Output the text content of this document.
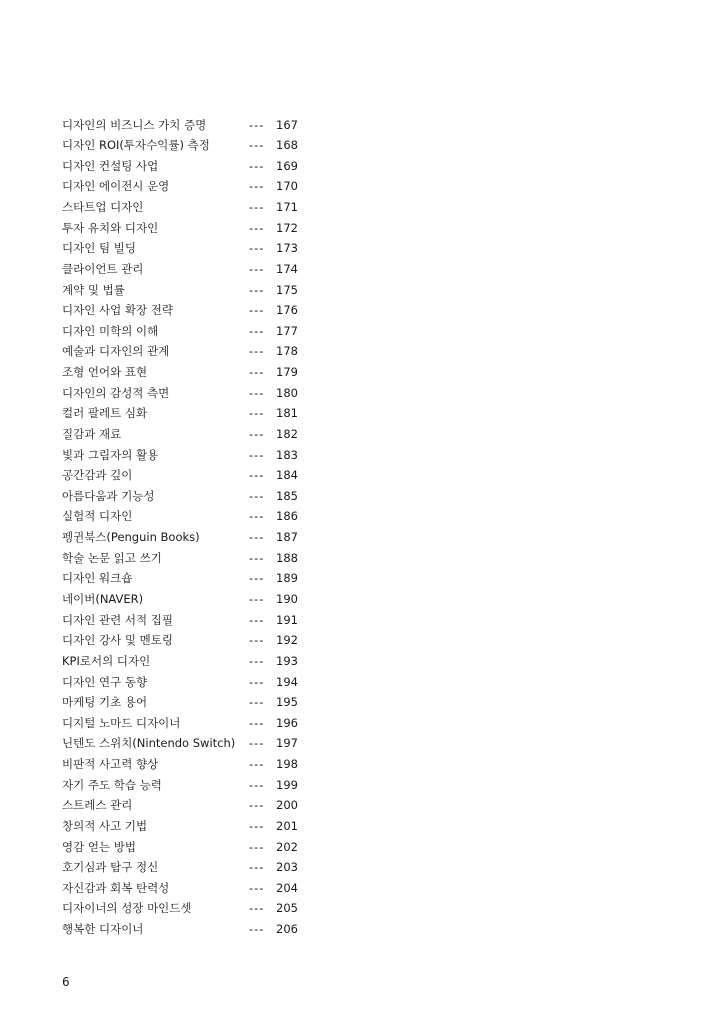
디자인의 비즈니스 가치 증명	--- 167
디자인 ROI(투자수익률) 측정	--- 168
디자인 컨설팅 사업	--- 169
디자인 에이전시 운영	--- 170
스타트업 디자인	--- 171
투자 유치와 디자인	--- 172
디자인 팀 빌딩	--- 173
클라이언트 관리	--- 174
계약 및 법률	--- 175
디자인 사업 확장 전략	--- 176
디자인 미학의 이해	--- 177
예술과 디자인의 관계	--- 178
조형 언어와 표현	--- 179
디자인의 감성적 측면	--- 180
컬러 팔레트 심화	--- 181
질감과 재료	--- 182
빛과 그림자의 활용	--- 183
공간감과 깊이	--- 184
아름다움과 기능성	--- 185
실험적 디자인	--- 186
펭귄북스(Penguin Books)	--- 187
학술 논문 읽고 쓰기	--- 188
디자인 워크숍	--- 189
네이버(NAVER)	--- 190
디자인 관련 서적 집필	--- 191
디자인 강사 및 멘토링	--- 192
KPI로서의 디자인	--- 193
디자인 연구 동향	--- 194
마케팅 기초 용어	--- 195
디지털 노마드 디자이너	--- 196
닌텐도 스위치(Nintendo Switch) --- 197
비판적 사고력 향상	--- 198
자기 주도 학습 능력	--- 199
스트레스 관리	--- 200
창의적 사고 기법	--- 201
영감 얻는 방법	--- 202
호기심과 탐구 정신	--- 203
자신감과 회복 탄력성	--- 204
디자이너의 성장 마인드셋	--- 205
행복한 디자이너	--- 206
6
